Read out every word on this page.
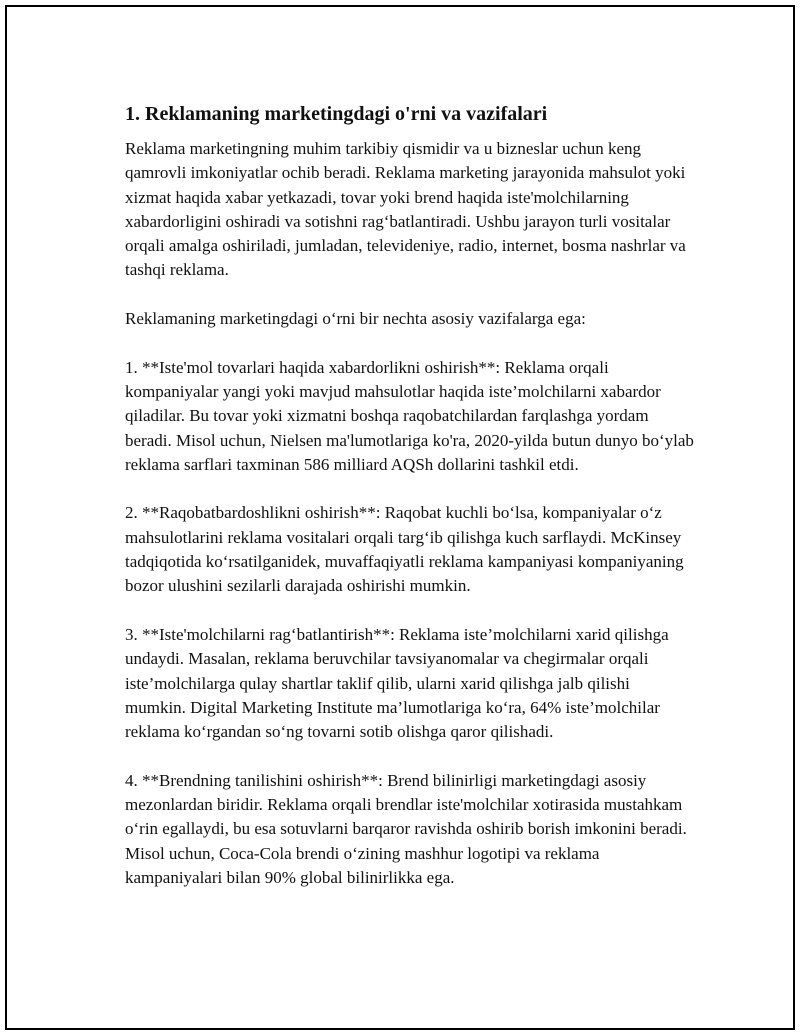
1. Reklamaning marketingdagi o'rni va vazifalari

Reklama marketingning muhim tarkibiy qismidir va u bizneslar uchun keng qamrovli imkoniyatlar ochib beradi. Reklama marketing jarayonida mahsulot yoki xizmat haqida xabar yetkazadi, tovar yoki brend haqida iste'molchilarning xabardorligini oshiradi va sotishni rag‘batlantiradi. Ushbu jarayon turli vositalar orqali amalga oshiriladi, jumladan, televideniye, radio, internet, bosma nashrlar va tashqi reklama.

Reklamaning marketingdagi o‘rni bir nechta asosiy vazifalarga ega:

1. **Iste'mol tovarlari haqida xabardorlikni oshirish**: Reklama orqali kompaniyalar yangi yoki mavjud mahsulotlar haqida iste’molchilarni xabardor qiladilar. Bu tovar yoki xizmatni boshqa raqobatchilardan farqlashga yordam beradi. Misol uchun, Nielsen ma'lumotlariga ko'ra, 2020-yilda butun dunyo bo‘ylab reklama sarflari taxminan 586 milliard AQSh dollarini tashkil etdi.

2. **Raqobatbardoshlikni oshirish**: Raqobat kuchli bo‘lsa, kompaniyalar o‘z mahsulotlarini reklama vositalari orqali targ‘ib qilishga kuch sarflaydi. McKinsey tadqiqotida ko‘rsatilganidek, muvaffaqiyatli reklama kampaniyasi kompaniyaning bozor ulushini sezilarli darajada oshirishi mumkin.

3. **Iste'molchilarni rag‘batlantirish**: Reklama iste’molchilarni xarid qilishga undaydi. Masalan, reklama beruvchilar tavsiyanomalar va chegirmalar orqali iste’molchilarga qulay shartlar taklif qilib, ularni xarid qilishga jalb qilishi mumkin. Digital Marketing Institute ma’lumotlariga ko‘ra, 64% iste’molchilar reklama ko‘rgandan so‘ng tovarni sotib olishga qaror qilishadi.

4. **Brendning tanilishini oshirish**: Brend bilinirligi marketingdagi asosiy mezonlardan biridir. Reklama orqali brendlar iste'molchilar xotirasida mustahkam o‘rin egallaydi, bu esa sotuvlarni barqaror ravishda oshirib borish imkonini beradi. Misol uchun, Coca-Cola brendi o‘zining mashhur logotipi va reklama kampaniyalari bilan 90% global bilinirlikka ega.
